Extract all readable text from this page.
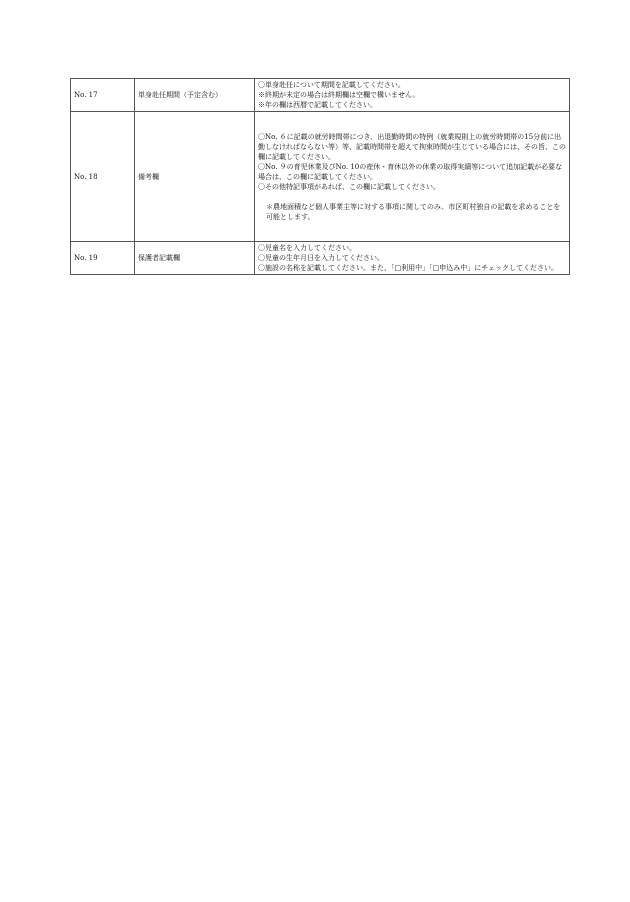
No. 17	単身赴任期間（予定含む）	〇単身赴任について期間を記載してください。
※終期が未定の場合は終期欄は空欄で構いません。
※年の欄は西暦で記載してください。

No. 18	備考欄	〇No. ６に記載の就労時間帯につき、出退勤時間の特例（就業規則上の就労時間帯の15分前に出勤しなければならない等）等、記載時間帯を超えて拘束時間が生じている場合には、その旨、この欄に記載してください。
〇No. ９の育児休業及びNo. 10の産休・育休以外の休業の取得実績等について追加記載が必要な場合は、この欄に記載してください。
〇その他特記事項があれば、この欄に記載してください。
＊農地面積など個人事業主等に対する事項に関してのみ、市区町村独自の記載を求めることを可能とします。

No. 19	保護者記載欄	〇児童名を入力してください。
〇児童の生年月日を入力してください。
〇施設の名称を記載してください。また、「□利用中」「□申込み中」にチェックしてください。
